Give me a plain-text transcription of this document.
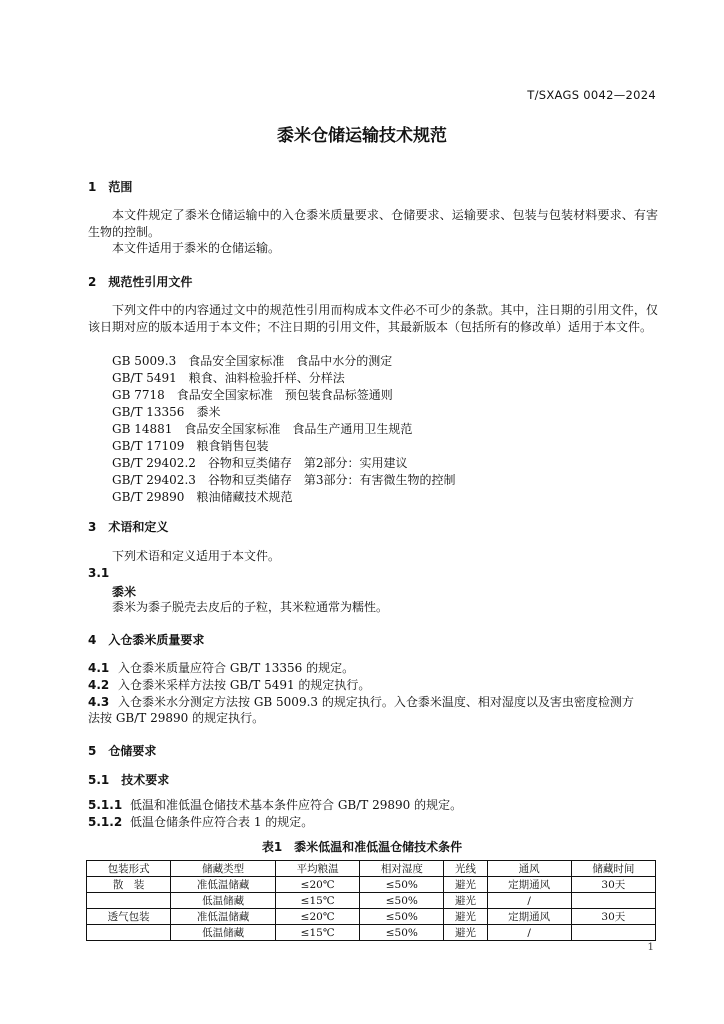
T/SXAGS 0042—2024
黍米仓储运输技术规范
1　范围
本文件规定了黍米仓储运输中的入仓黍米质量要求、仓储要求、运输要求、包装与包装材料要求、有害生物的控制。
本文件适用于黍米的仓储运输。
2　规范性引用文件
下列文件中的内容通过文中的规范性引用而构成本文件必不可少的条款。其中，注日期的引用文件，仅该日期对应的版本适用于本文件；不注日期的引用文件，其最新版本（包括所有的修改单）适用于本文件。
GB 5009.3　食品安全国家标准　食品中水分的测定
GB/T 5491　粮食、油料检验扦样、分样法
GB 7718　食品安全国家标准　预包装食品标签通则
GB/T 13356　黍米
GB 14881　食品安全国家标准　食品生产通用卫生规范
GB/T 17109　粮食销售包装
GB/T 29402.2　谷物和豆类储存　第2部分：实用建议
GB/T 29402.3　谷物和豆类储存　第3部分：有害微生物的控制
GB/T 29890　粮油储藏技术规范
3　术语和定义
下列术语和定义适用于本文件。
3.1
黍米
黍米为黍子脱壳去皮后的子粒，其米粒通常为糯性。
4　入仓黍米质量要求
4.1 入仓黍米质量应符合 GB/T 13356 的规定。
4.2 入仓黍米采样方法按 GB/T 5491 的规定执行。
4.3 入仓黍米水分测定方法按 GB 5009.3 的规定执行。入仓黍米温度、相对湿度以及害虫密度检测方
法按 GB/T 29890 的规定执行。
5　仓储要求
5.1　技术要求
5.1.1 低温和准低温仓储技术基本条件应符合 GB/T 29890 的规定。
5.1.2 低温仓储条件应符合表 1 的规定。
表1　黍米低温和准低温仓储技术条件
包装形式	储藏类型	平均粮温	相对湿度	光线	通风	储藏时间
散　装	准低温储藏	≤20℃	≤50%	避光	定期通风	30天
	低温储藏	≤15℃	≤50%	避光	/	
透气包装	准低温储藏	≤20℃	≤50%	避光	定期通风	30天
	低温储藏	≤15℃	≤50%	避光	/	
1
